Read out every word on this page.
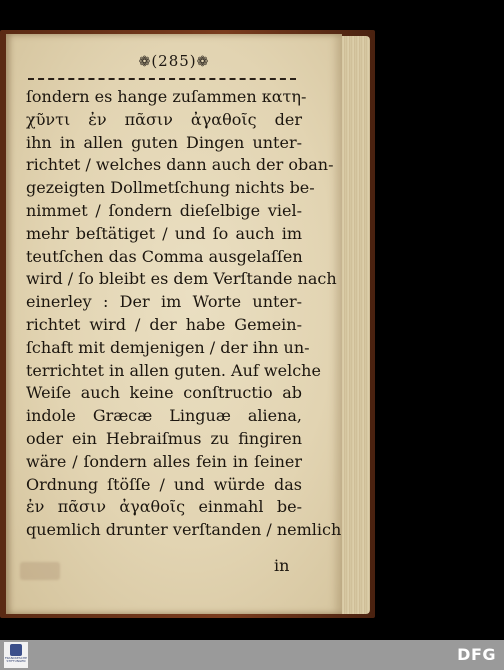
❁(285)❁
ſondern es hange zuſammen κατη-
χῦντι ἐν πᾶσιν ἀγαθοῖς der
ihn in allen guten Dingen unter-
richtet / welches dann auch der oban-
gezeigten Dollmetſchung nichts be-
nimmet / ſondern dieſelbige viel-
mehr beſtätiget / und ſo auch im
teutſchen das Comma ausgelaſſen
wird / ſo bleibt es dem Verſtande nach
einerley : Der im Worte unter-
richtet wird / der habe Gemein-
ſchaft mit demjenigen / der ihn un-
terrichtet in allen guten. Auf welche
Weiſe auch keine conſtructio ab
indole Græcæ Linguæ aliena,
oder ein Hebraiſmus zu fingiren
wäre / ſondern alles fein in ſeiner
Ordnung ſtöſſe / und würde das
ἐν πᾶσιν ἀγαθοῖς einmahl be-
quemlich drunter verſtanden / nemlich
in
FRANCKESCHE
STIFTUNGEN	DFG
